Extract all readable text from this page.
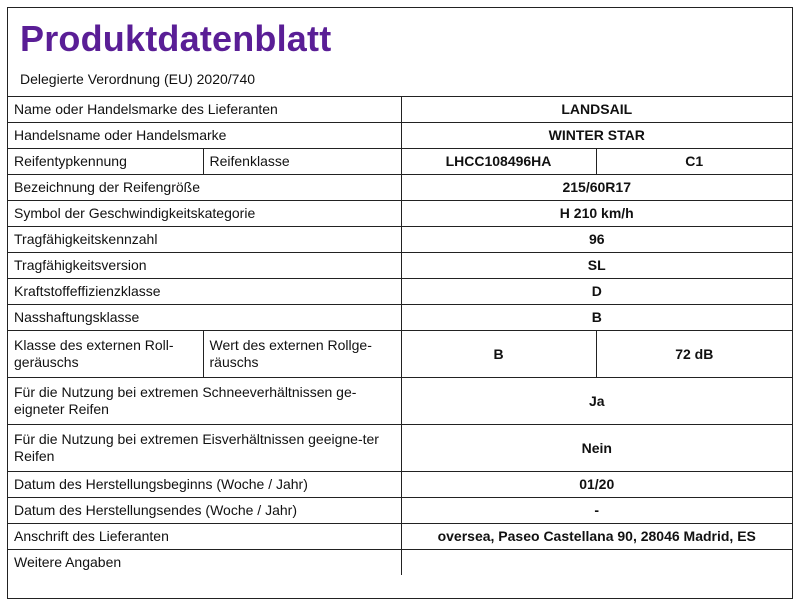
Produktdatenblatt
Delegierte Verordnung (EU) 2020/740
Name oder Handelsmarke des Lieferanten		LANDSAIL	
Handelsname oder Handelsmarke		WINTER STAR	
Reifentypkennung	Reifenklasse	LHCC108496HA	C1
Bezeichnung der Reifengröße		215/60R17	
Symbol der Geschwindigkeitskategorie		H 210 km/h	
Tragfähigkeitskennzahl		96	
Tragfähigkeitsversion		SL	
Kraftstoffeffizienzklasse		D	
Nasshaftungsklasse		B	
Klasse des externen Roll-geräuschs	Wert des externen Rollge-räuschs	B	72 dB
Für die Nutzung bei extremen Schneeverhältnissen ge-eigneter Reifen		Ja	
Für die Nutzung bei extremen Eisverhältnissen geeigne-ter Reifen		Nein	
Datum des Herstellungsbeginns (Woche / Jahr)		01/20	
Datum des Herstellungsendes (Woche / Jahr)		-	
Anschrift des Lieferanten		oversea, Paseo Castellana 90, 28046 Madrid, ES	
Weitere Angaben			
